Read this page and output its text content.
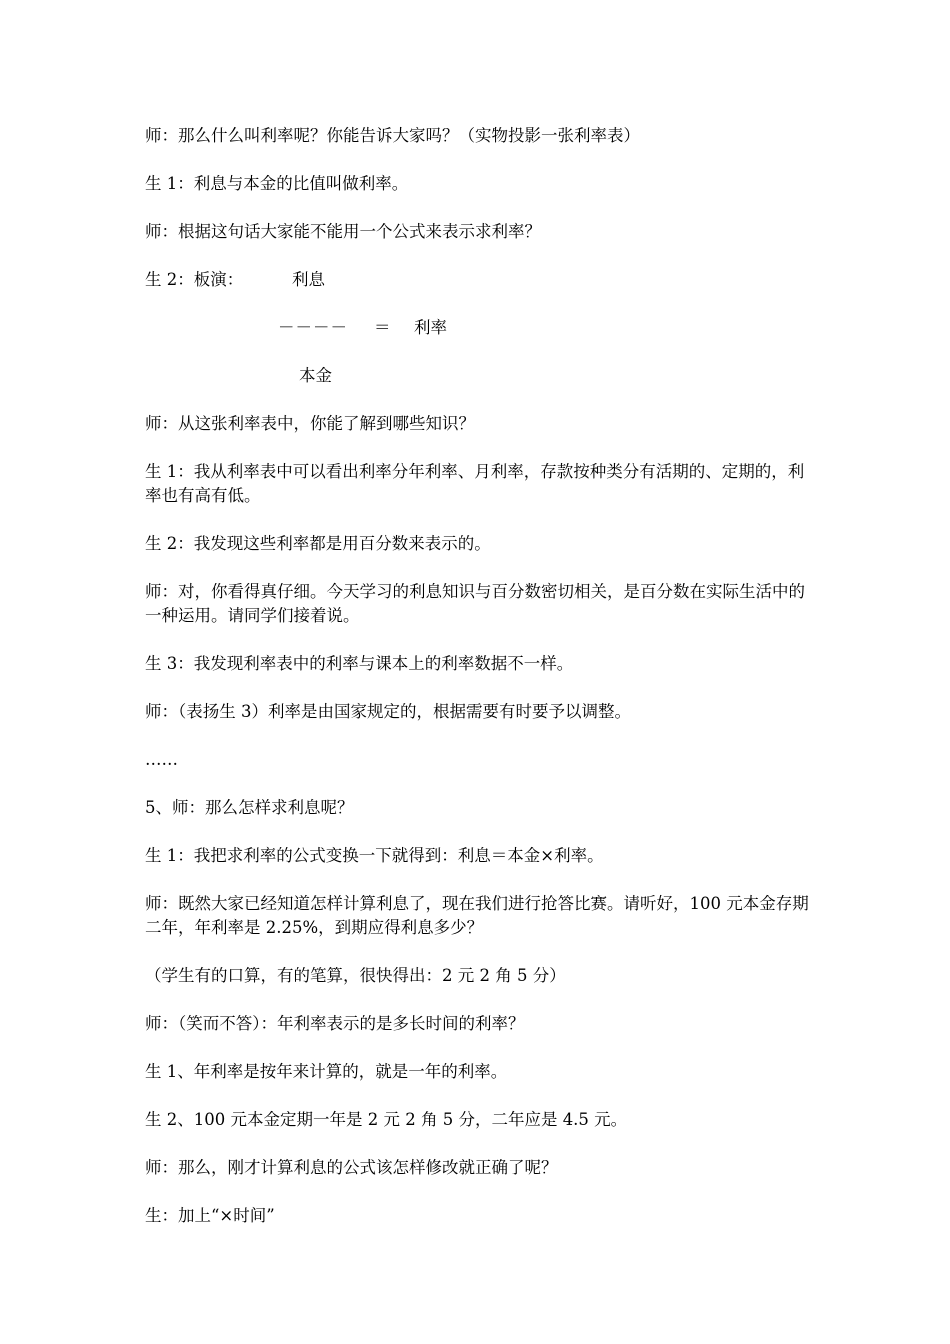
师：那么什么叫利率呢？你能告诉大家吗？（实物投影一张利率表）
生 1：利息与本金的比值叫做利率。
师：根据这句话大家能不能用一个公式来表示求利率？
生 2：板演：	利息
－－－－ ＝ 利率
本金
师：从这张利率表中，你能了解到哪些知识？
生 1：我从利率表中可以看出利率分年利率、月利率，存款按种类分有活期的、定期的，利率也有高有低。
生 2：我发现这些利率都是用百分数来表示的。
师：对，你看得真仔细。今天学习的利息知识与百分数密切相关，是百分数在实际生活中的一种运用。请同学们接着说。
生 3：我发现利率表中的利率与课本上的利率数据不一样。
师：（表扬生 3）利率是由国家规定的，根据需要有时要予以调整。
……
5、师：那么怎样求利息呢？
生 1：我把求利率的公式变换一下就得到：利息＝本金×利率。
师：既然大家已经知道怎样计算利息了，现在我们进行抢答比赛。请听好，100 元本金存期二年，年利率是 2.25%，到期应得利息多少？
（学生有的口算，有的笔算，很快得出：2 元 2 角 5 分）
师：（笑而不答）：年利率表示的是多长时间的利率？
生 1、年利率是按年来计算的，就是一年的利率。
生 2、100 元本金定期一年是 2 元 2 角 5 分，二年应是 4.5 元。
师：那么，刚才计算利息的公式该怎样修改就正确了呢？
生：加上“×时间”
